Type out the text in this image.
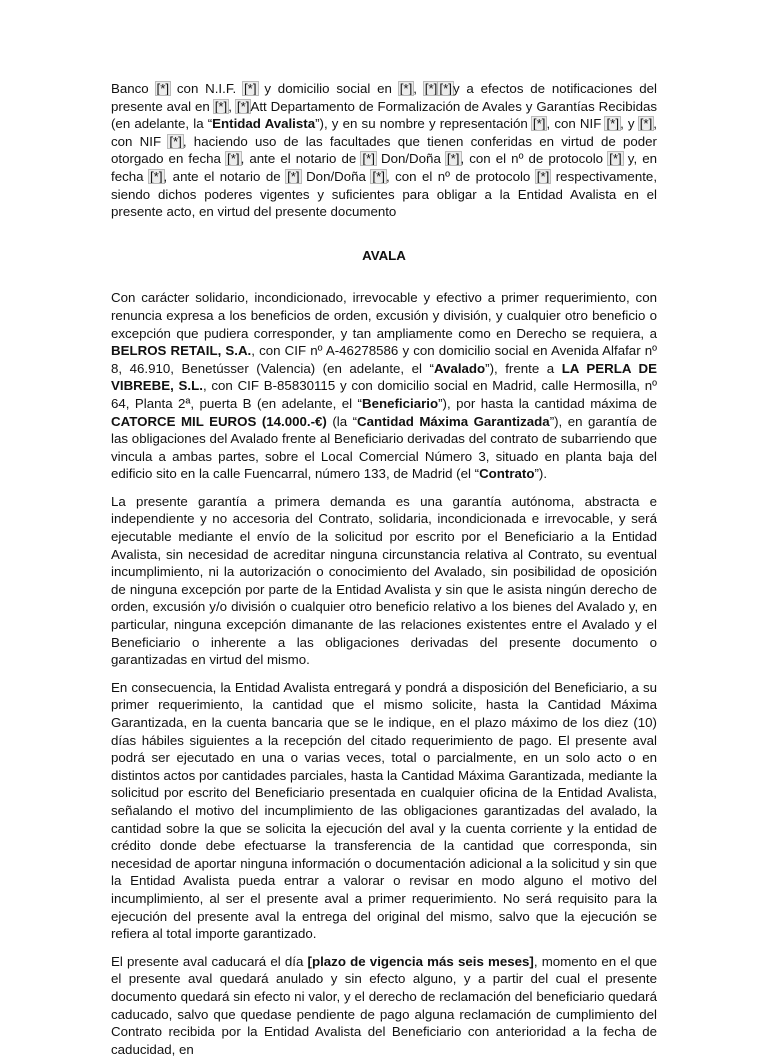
Banco [*] con N.I.F. [*] y domicilio social en [*], [*] [*]y a efectos de notificaciones del presente aval en [*], [*]Att Departamento de Formalización de Avales y Garantías Recibidas (en adelante, la “Entidad Avalista”), y en su nombre y representación [*], con NIF [*], y [*], con NIF [*], haciendo uso de las facultades que tienen conferidas en virtud de poder otorgado en fecha [*], ante el notario de [*] Don/Doña [*], con el nº de protocolo [*] y, en fecha [*], ante el notario de [*] Don/Doña [*], con el nº de protocolo [*] respectivamente, siendo dichos poderes vigentes y suficientes para obligar a la Entidad Avalista en el presente acto, en virtud del presente documento

AVALA

Con carácter solidario, incondicionado, irrevocable y efectivo a primer requerimiento, con renuncia expresa a los beneficios de orden, excusión y división, y cualquier otro beneficio o excepción que pudiera corresponder, y tan ampliamente como en Derecho se requiera, a BELROS RETAIL, S.A., con CIF nº A-46278586 y con domicilio social en Avenida Alfafar nº 8, 46.910, Benetússer (Valencia) (en adelante, el “Avalado”), frente a LA PERLA DE VIBREBE, S.L., con CIF B-85830115 y con domicilio social en Madrid, calle Hermosilla, nº 64, Planta 2ª, puerta B (en adelante, el “Beneficiario”), por hasta la cantidad máxima de CATORCE MIL EUROS (14.000.-€) (la “Cantidad Máxima Garantizada”), en garantía de las obligaciones del Avalado frente al Beneficiario derivadas del contrato de subarriendo que vincula a ambas partes, sobre el Local Comercial Número 3, situado en planta baja del edificio sito en la calle Fuencarral, número 133, de Madrid (el “Contrato”).

La presente garantía a primera demanda es una garantía autónoma, abstracta e independiente y no accesoria del Contrato, solidaria, incondicionada e irrevocable, y será ejecutable mediante el envío de la solicitud por escrito por el Beneficiario a la Entidad Avalista, sin necesidad de acreditar ninguna circunstancia relativa al Contrato, su eventual incumplimiento, ni la autorización o conocimiento del Avalado, sin posibilidad de oposición de ninguna excepción por parte de la Entidad Avalista y sin que le asista ningún derecho de orden, excusión y/o división o cualquier otro beneficio relativo a los bienes del Avalado y, en particular, ninguna excepción dimanante de las relaciones existentes entre el Avalado y el Beneficiario o inherente a las obligaciones derivadas del presente documento o garantizadas en virtud del mismo.

En consecuencia, la Entidad Avalista entregará y pondrá a disposición del Beneficiario, a su primer requerimiento, la cantidad que el mismo solicite, hasta la Cantidad Máxima Garantizada, en la cuenta bancaria que se le indique, en el plazo máximo de los diez (10) días hábiles siguientes a la recepción del citado requerimiento de pago. El presente aval podrá ser ejecutado en una o varias veces, total o parcialmente, en un solo acto o en distintos actos por cantidades parciales, hasta la Cantidad Máxima Garantizada, mediante la solicitud por escrito del Beneficiario presentada en cualquier oficina de la Entidad Avalista, señalando el motivo del incumplimiento de las obligaciones garantizadas del avalado, la cantidad sobre la que se solicita la ejecución del aval y la cuenta corriente y la entidad de crédito donde debe efectuarse la transferencia de la cantidad que corresponda, sin necesidad de aportar ninguna información o documentación adicional a la solicitud y sin que la Entidad Avalista pueda entrar a valorar o revisar en modo alguno el motivo del incumplimiento, al ser el presente aval a primer requerimiento. No será requisito para la ejecución del presente aval la entrega del original del mismo, salvo que la ejecución se refiera al total importe garantizado.

El presente aval caducará el día [plazo de vigencia más seis meses], momento en el que el presente aval quedará anulado y sin efecto alguno, y a partir del cual el presente documento quedará sin efecto ni valor, y el derecho de reclamación del beneficiario quedará caducado, salvo que quedase pendiente de pago alguna reclamación de cumplimiento del Contrato recibida por la Entidad Avalista del Beneficiario con anterioridad a la fecha de caducidad, en
